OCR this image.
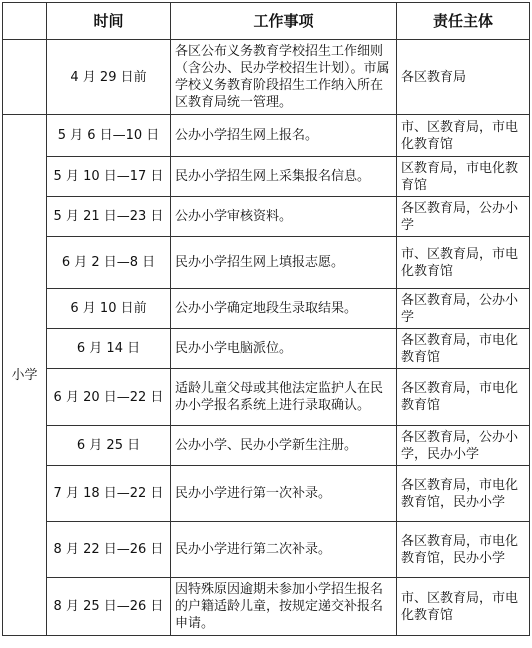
	时间	工作事项	责任主体
	4 月 29 日前	各区公布义务教育学校招生工作细则（含公办、民办学校招生计划）。市属学校义务教育阶段招生工作纳入所在区教育局统一管理。	各区教育局
小学	5 月 6 日—10 日	公办小学招生网上报名。	市、区教育局，市电化教育馆
	5 月 10 日—17 日	民办小学招生网上采集报名信息。	区教育局，市电化教育馆
	5 月 21 日—23 日	公办小学审核资料。	各区教育局，公办小学
	6 月 2 日—8 日	民办小学招生网上填报志愿。	市、区教育局，市电化教育馆
	6 月 10 日前	公办小学确定地段生录取结果。	各区教育局，公办小学
	6 月 14 日	民办小学电脑派位。	各区教育局，市电化教育馆
	6 月 20 日—22 日	适龄儿童父母或其他法定监护人在民办小学报名系统上进行录取确认。	各区教育局，市电化教育馆
	6 月 25 日	公办小学、民办小学新生注册。	各区教育局，公办小学，民办小学
	7 月 18 日—22 日	民办小学进行第一次补录。	各区教育局，市电化教育馆，民办小学
	8 月 22 日—26 日	民办小学进行第二次补录。	各区教育局，市电化教育馆，民办小学
	8 月 25 日—26 日	因特殊原因逾期未参加小学招生报名的户籍适龄儿童，按规定递交补报名申请。	市、区教育局，市电化教育馆
